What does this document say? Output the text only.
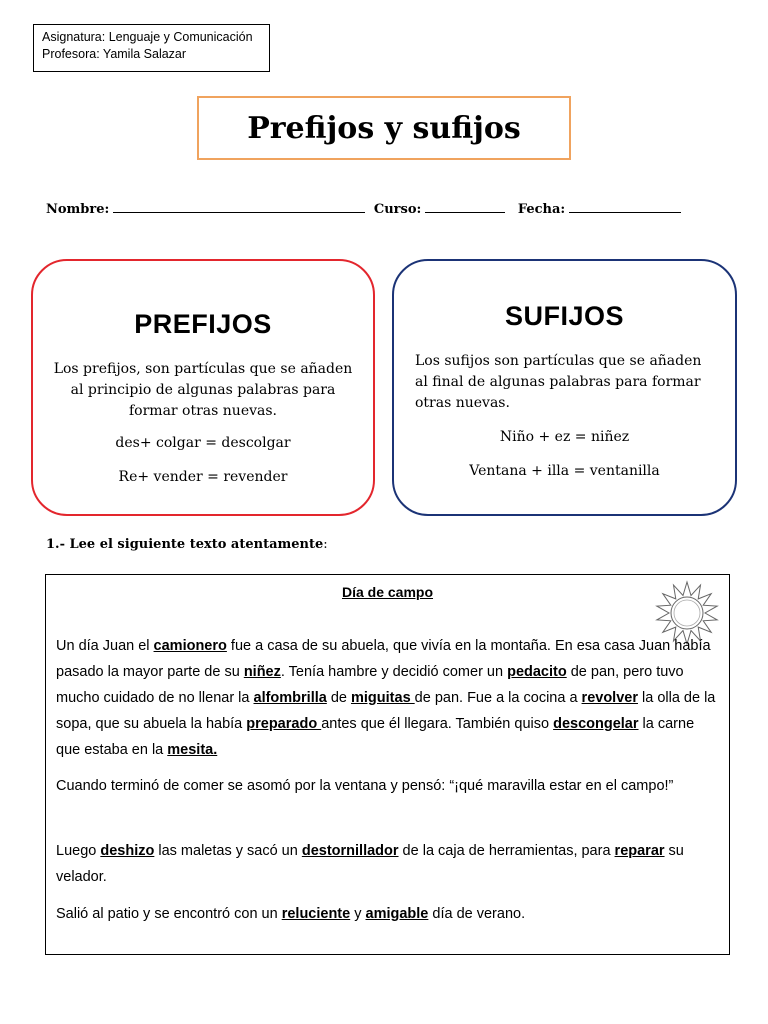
Asignatura: Lenguaje y Comunicación
Profesora: Yamila Salazar
Prefijos y sufijos
Nombre:	Curso:	Fecha:
PREFIJOS

Los prefijos, son partículas que se añaden al principio de algunas palabras para formar otras nuevas.

des+ colgar = descolgar

Re+ vender = revender

SUFIJOS

Los sufijos son partículas que se añaden al final de algunas palabras para formar otras nuevas.

Niño + ez = niñez

Ventana + illa = ventanilla

1.- Lee el siguiente texto atentamente:
Día de campo

Un día Juan el camionero fue a casa de su abuela, que vivía en la montaña. En esa casa Juan había pasado la mayor parte de su niñez. Tenía hambre y decidió comer un pedacito de pan, pero tuvo mucho cuidado de no llenar la alfombrilla de miguitas de pan. Fue a la cocina a revolver la olla de la sopa, que su abuela la había preparado antes que él llegara. También quiso descongelar la carne que estaba en la mesita.

Cuando terminó de comer se asomó por la ventana y pensó: “¡qué maravilla estar en el campo!”

Luego deshizo las maletas y sacó un destornillador de la caja de herramientas, para reparar su velador.

Salió al patio y se encontró con un reluciente y amigable día de verano.
